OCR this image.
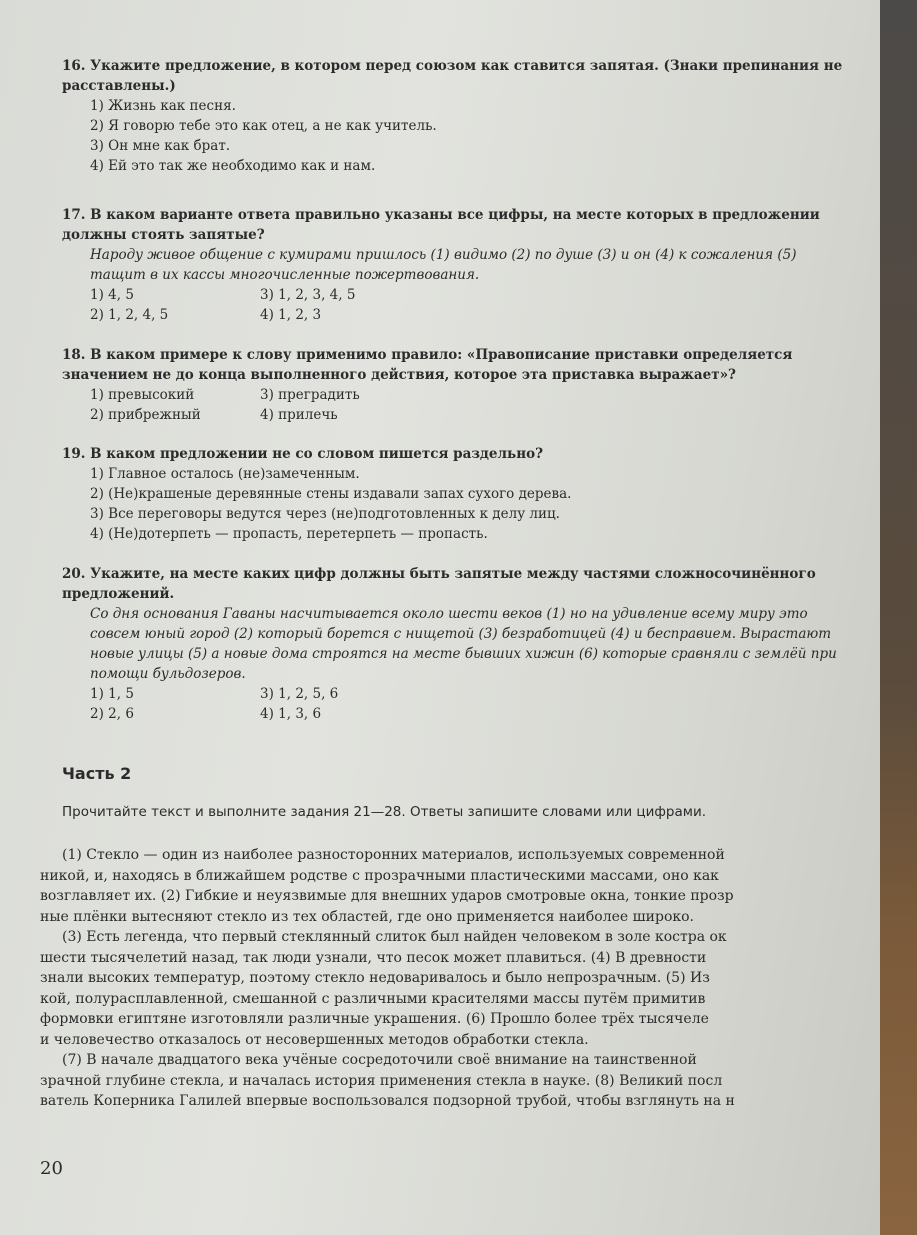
16. Укажите предложение, в котором перед союзом как ставится запятая. (Знаки препинания не расставлены.)
1) Жизнь как песня.
2) Я говорю тебе это как отец, а не как учитель.
3) Он мне как брат.
4) Ей это так же необходимо как и нам.
17. В каком варианте ответа правильно указаны все цифры, на месте которых в предложении должны стоять запятые?
Народу живое общение с кумирами пришлось (1) видимо (2) по душе (3) и он (4) к сожаления (5) тащит в их кассы многочисленные пожертвования.
1) 4, 5	3) 1, 2, 3, 4, 5
2) 1, 2, 4, 5	4) 1, 2, 3
18. В каком примере к слову применимо правило: «Правописание приставки определяется значением не до конца выполненного действия, которое эта приставка выражает»?
1) превысокий	3) преградить
2) прибрежный	4) прилечь
19. В каком предложении не со словом пишется раздельно?
1) Главное осталось (не)замеченным.
2) (Не)крашеные деревянные стены издавали запах сухого дерева.
3) Все переговоры ведутся через (не)подготовленных к делу лиц.
4) (Не)дотерпеть — пропасть, перетерпеть — пропасть.
20. Укажите, на месте каких цифр должны быть запятые между частями сложносочинённого предложений.
Со дня основания Гаваны насчитывается около шести веков (1) но на удивление всему миру это совсем юный город (2) который борется с нищетой (3) безработицей (4) и бесправием. Вырастают новые улицы (5) а новые дома строятся на месте бывших хижин (6) которые сравняли с землёй при помощи бульдозеров.
1) 1, 5	3) 1, 2, 5, 6
2) 2, 6	4) 1, 3, 6
Часть 2
Прочитайте текст и выполните задания 21—28. Ответы запишите словами или цифрами.

(1) Стекло — один из наиболее разносторонних материалов, используемых современной

никой, и, находясь в ближайшем родстве с прозрачными пластическими массами, оно как

возглавляет их. (2) Гибкие и неуязвимые для внешних ударов смотровые окна, тонкие прозр

ные плёнки вытесняют стекло из тех областей, где оно применяется наиболее широко.

(3) Есть легенда, что первый стеклянный слиток был найден человеком в золе костра ок

шести тысячелетий назад, так люди узнали, что песок может плавиться. (4) В древности

знали высоких температур, поэтому стекло недоваривалось и было непрозрачным. (5) Из

кой, полурасплавленной, смешанной с различными красителями массы путём примитив

формовки египтяне изготовляли различные украшения. (6) Прошло более трёх тысячеле

и человечество отказалось от несовершенных методов обработки стекла.

(7) В начале двадцатого века учёные сосредоточили своё внимание на таинственной

зрачной глубине стекла, и началась история применения стекла в науке. (8) Великий посл

ватель Коперника Галилей впервые воспользовался подзорной трубой, чтобы взглянуть на н

20
